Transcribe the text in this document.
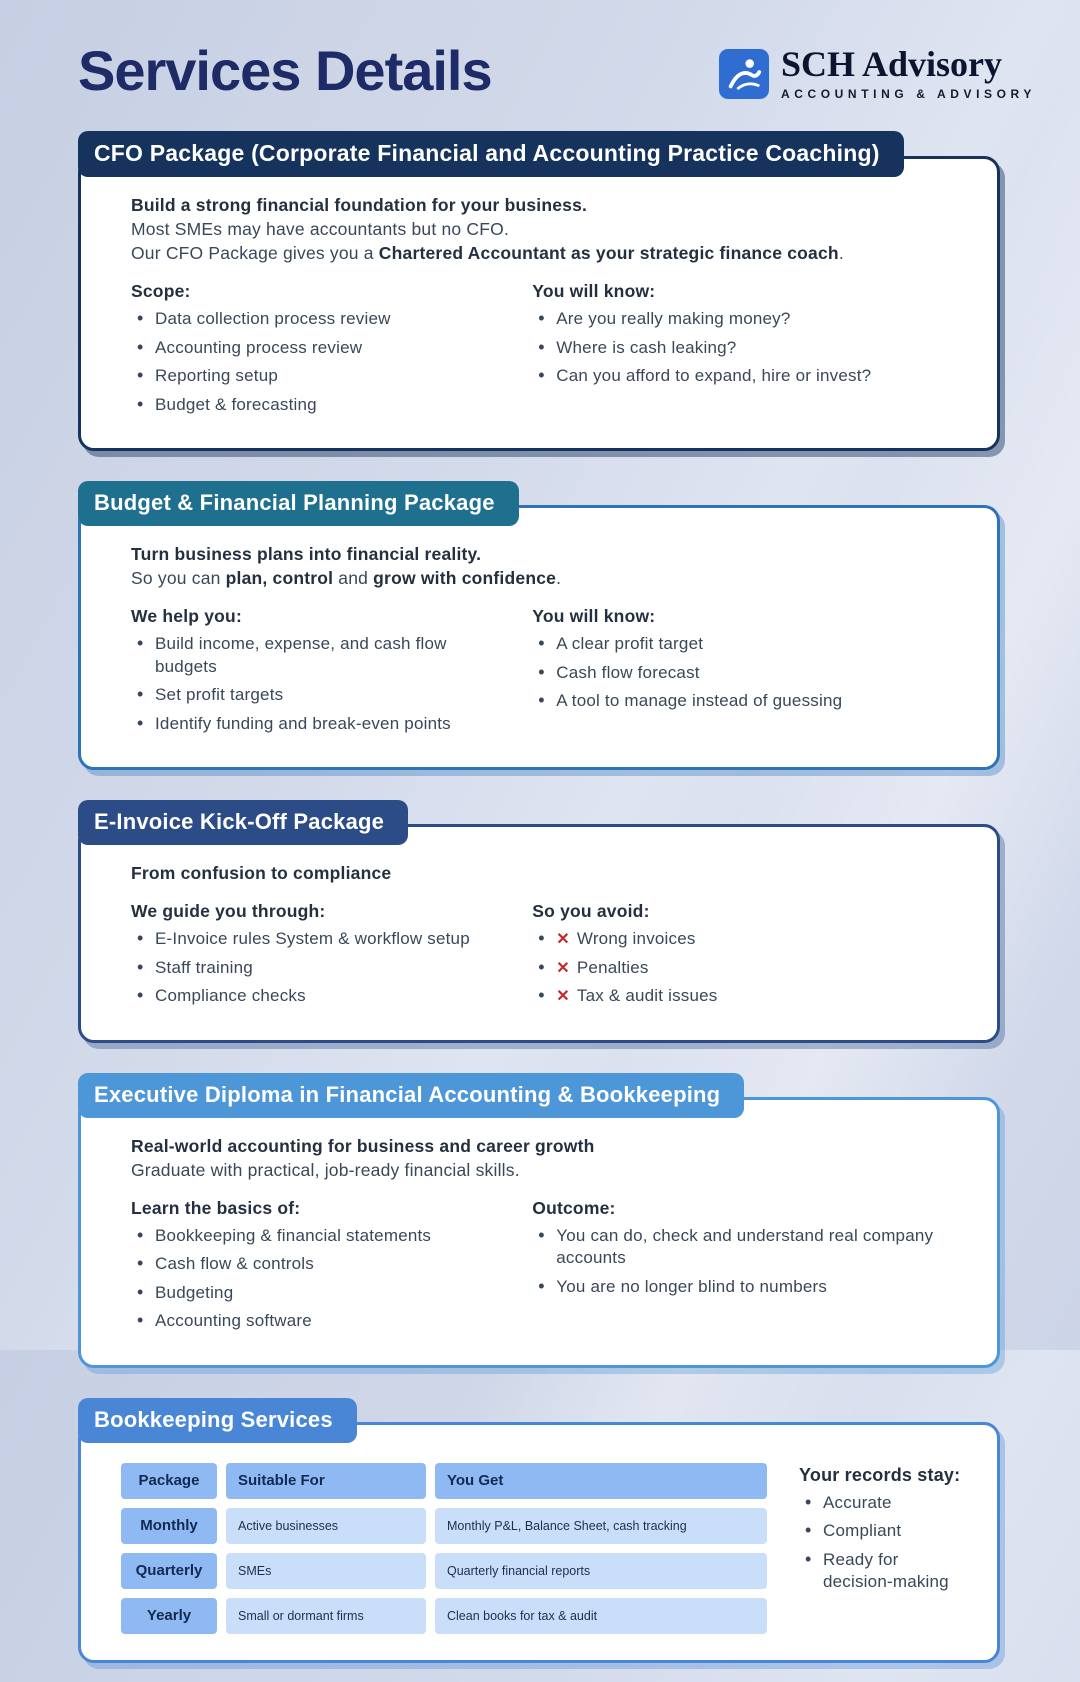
Services Details	SCH Advisory
ACCOUNTING & ADVISORY
CFO Package (Corporate Financial and Accounting Practice Coaching)

Build a strong financial foundation for your business.

Most SMEs may have accountants but no CFO.

Our CFO Package gives you a Chartered Accountant as your strategic finance coach.

Scope:
• Data collection process review
• Accounting process review
• Reporting setup
• Budget & forecasting
You will know:
• Are you really making money?
• Where is cash leaking?
• Can you afford to expand, hire or invest?
Budget & Financial Planning Package

Turn business plans into financial reality.

So you can plan, control and grow with confidence.

We help you:
• Build income, expense, and cash flow budgets
• Set profit targets
• Identify funding and break-even points
You will know:
• A clear profit target
• Cash flow forecast
• A tool to manage instead of guessing
E-Invoice Kick-Off Package

From confusion to compliance

We guide you through:
• E-Invoice rules System & workflow setup
• Staff training
• Compliance checks
So you avoid:
• ✕ Wrong invoices
• ✕ Penalties
• ✕ Tax & audit issues
Executive Diploma in Financial Accounting & Bookkeeping

Real-world accounting for business and career growth

Graduate with practical, job-ready financial skills.

Learn the basics of:
• Bookkeeping & financial statements
• Cash flow & controls
• Budgeting
• Accounting software
Outcome:
• You can do, check and understand real company accounts
• You are no longer blind to numbers
Bookkeeping Services
Package	Suitable For	You Get
Monthly	Active businesses	Monthly P&L, Balance Sheet, cash tracking
Quarterly	SMEs	Quarterly financial reports
Yearly	Small or dormant firms	Clean books for tax & audit
Your records stay:
• Accurate
• Compliant
• Ready for decision-making
